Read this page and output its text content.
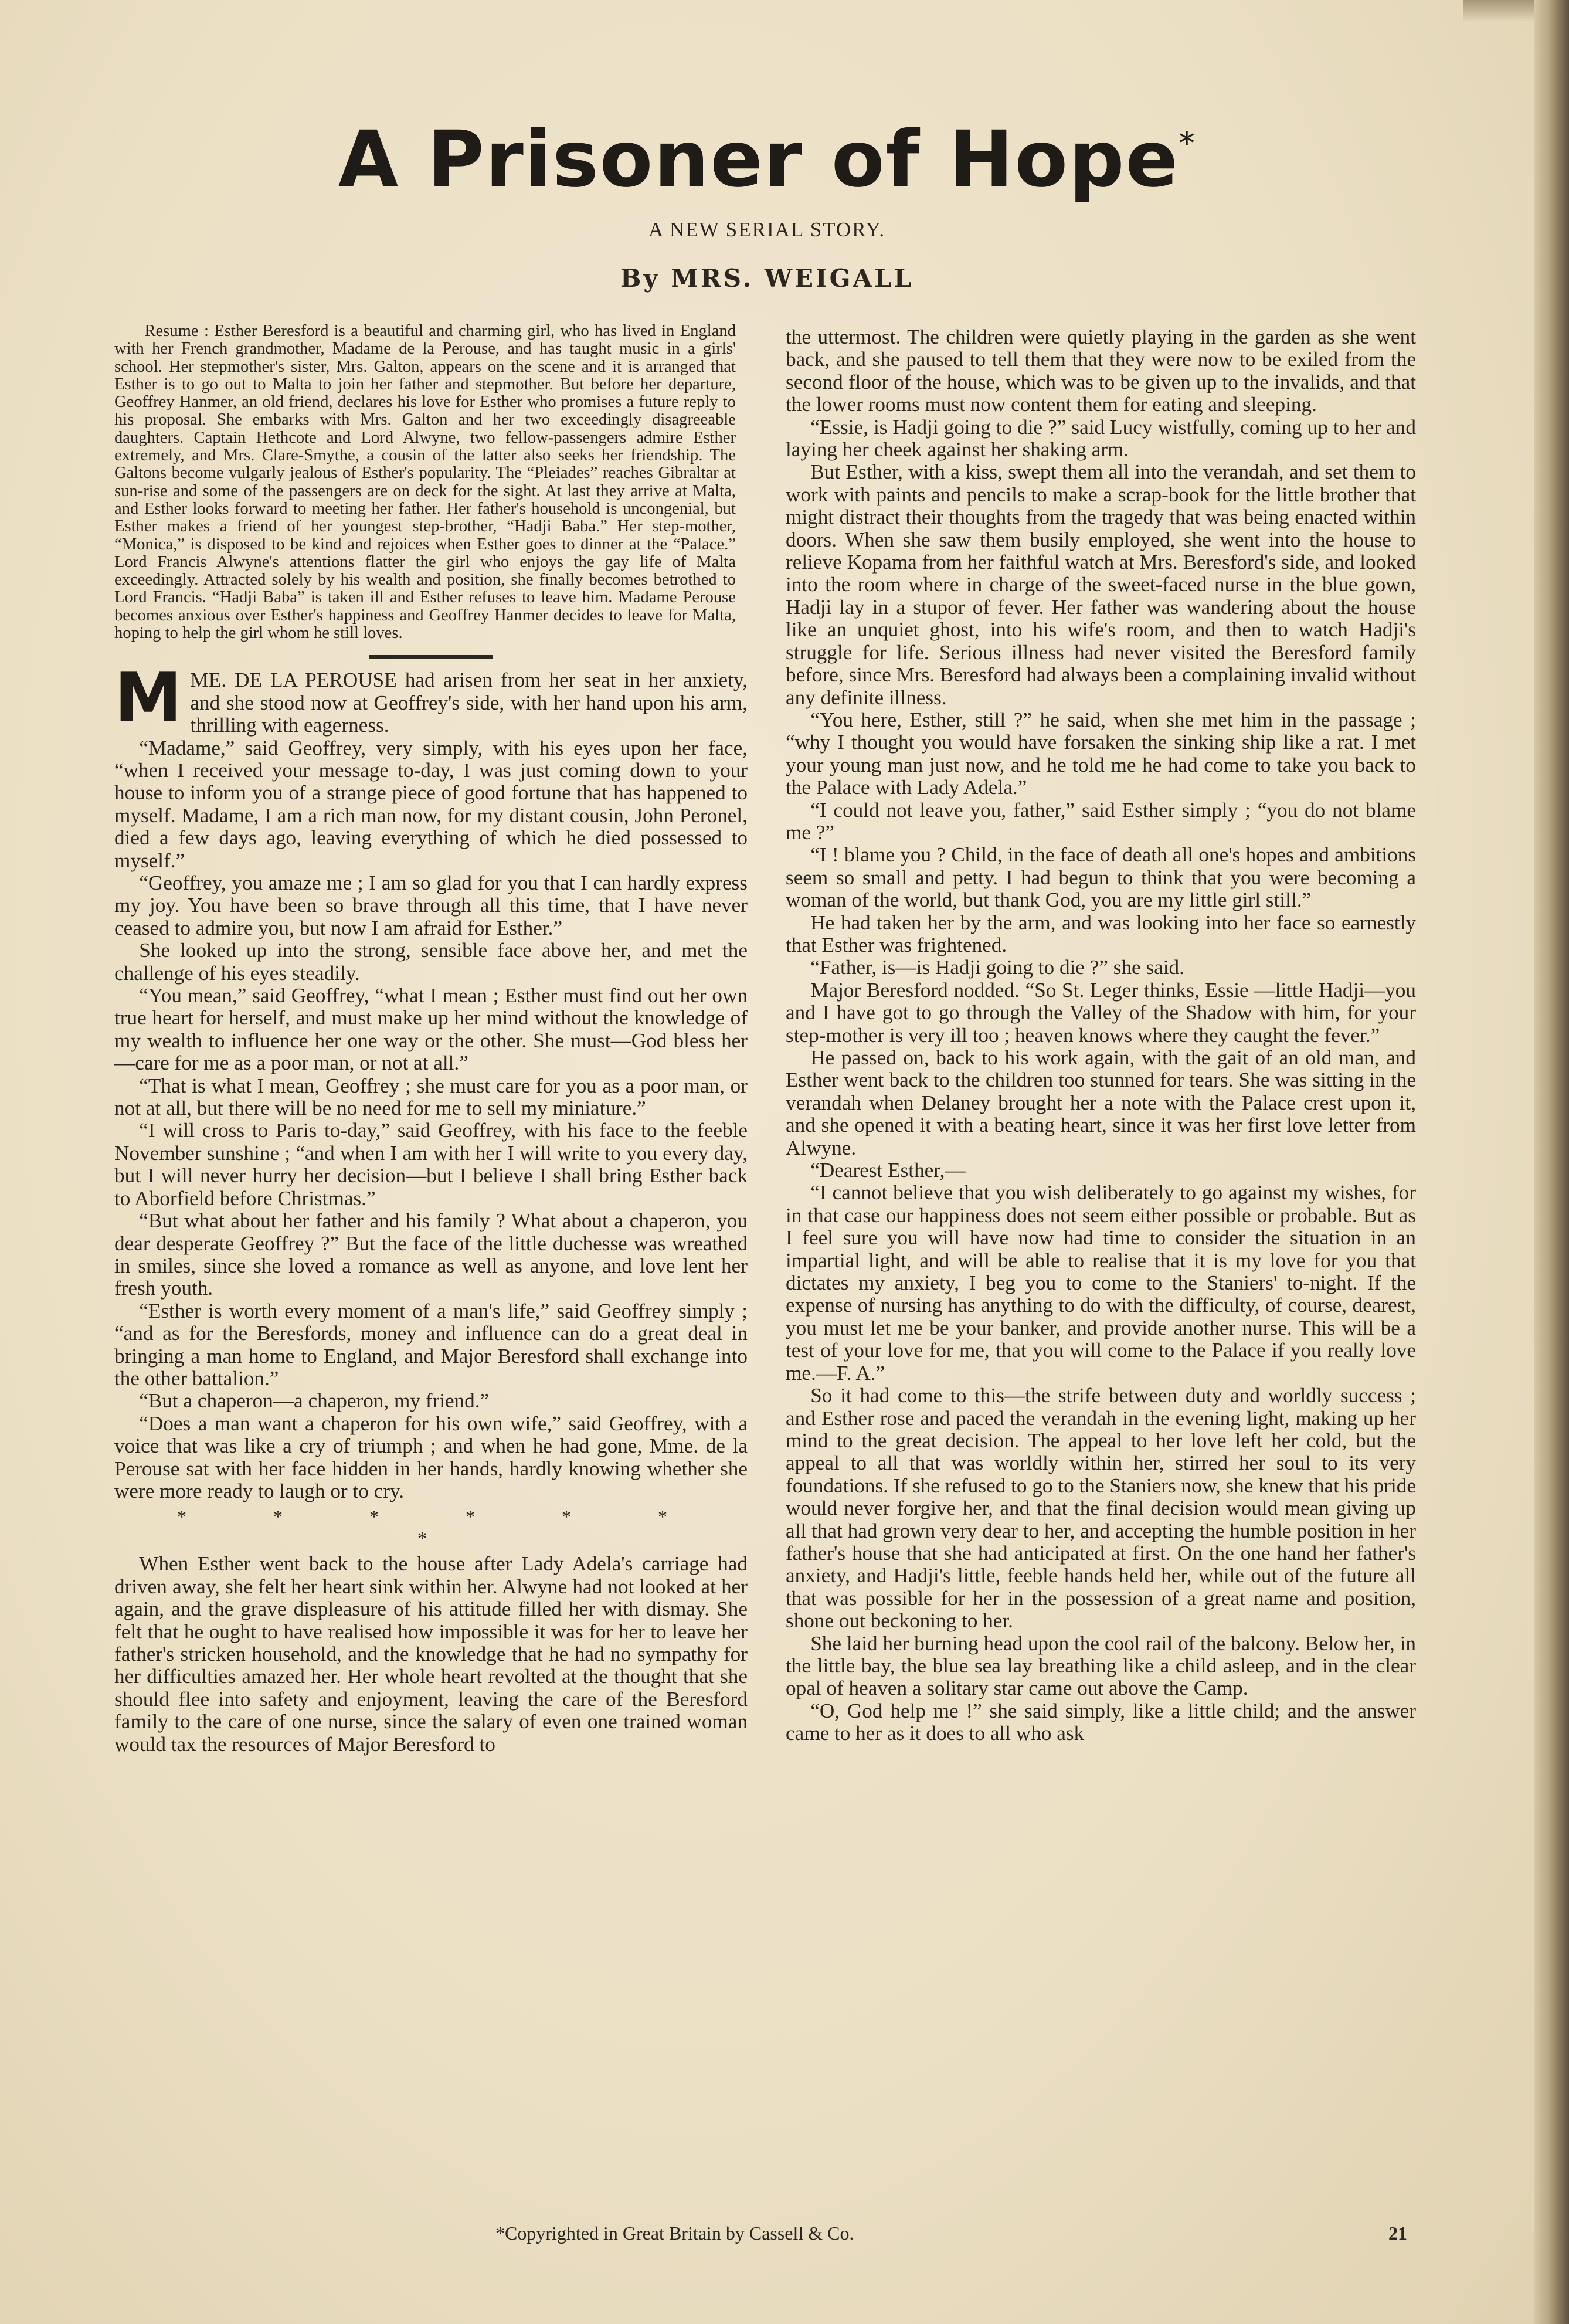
A Prisoner of Hope*
A NEW SERIAL STORY.
By MRS. WEIGALL

Resume : Esther Beresford is a beautiful and charming girl, who has lived in England with her French grandmother, Madame de la Perouse, and has taught music in a girls' school. Her stepmother's sister, Mrs. Galton, appears on the scene and it is arranged that Esther is to go out to Malta to join her father and stepmother. But before her departure, Geoffrey Hanmer, an old friend, declares his love for Esther who promises a future reply to his proposal. She embarks with Mrs. Galton and her two exceedingly disagreeable daughters. Captain Hethcote and Lord Alwyne, two fellow-passengers admire Esther extremely, and Mrs. Clare-Smythe, a cousin of the latter also seeks her friendship. The Galtons become vulgarly jealous of Esther's popularity. The “Pleiades” reaches Gibraltar at sun-rise and some of the passengers are on deck for the sight. At last they arrive at Malta, and Esther looks forward to meeting her father. Her father's household is uncongenial, but Esther makes a friend of her youngest step-brother, “Hadji Baba.” Her step-mother, “Monica,” is disposed to be kind and rejoices when Esther goes to dinner at the “Palace.” Lord Francis Alwyne's attentions flatter the girl who enjoys the gay life of Malta exceedingly. Attracted solely by his wealth and position, she finally becomes betrothed to Lord Francis. “Hadji Baba” is taken ill and Esther refuses to leave him. Madame Perouse becomes anxious over Esther's happiness and Geoffrey Hanmer decides to leave for Malta, hoping to help the girl whom he still loves.

MME. DE LA PEROUSE had arisen from her seat in her anxiety, and she stood now at Geoffrey's side, with her hand upon his arm, thrilling with eagerness.

“Madame,” said Geoffrey, very simply, with his eyes upon her face, “when I received your message to-day, I was just coming down to your house to inform you of a strange piece of good fortune that has happened to myself. Madame, I am a rich man now, for my distant cousin, John Peronel, died a few days ago, leaving everything of which he died possessed to myself.”

“Geoffrey, you amaze me ; I am so glad for you that I can hardly express my joy. You have been so brave through all this time, that I have never ceased to admire you, but now I am afraid for Esther.”

She looked up into the strong, sensible face above her, and met the challenge of his eyes steadily.

“You mean,” said Geoffrey, “what I mean ; Esther must find out her own true heart for herself, and must make up her mind without the knowledge of my wealth to influence her one way or the other. She must—God bless her—care for me as a poor man, or not at all.”

“That is what I mean, Geoffrey ; she must care for you as a poor man, or not at all, but there will be no need for me to sell my miniature.”

“I will cross to Paris to-day,” said Geoffrey, with his face to the feeble November sunshine ; “and when I am with her I will write to you every day, but I will never hurry her decision—but I believe I shall bring Esther back to Aborfield before Christmas.”

“But what about her father and his family ? What about a chaperon, you dear desperate Geoffrey ?” But the face of the little duchesse was wreathed in smiles, since she loved a romance as well as anyone, and love lent her fresh youth.

“Esther is worth every moment of a man's life,” said Geoffrey simply ; “and as for the Beresfords, money and influence can do a great deal in bringing a man home to England, and Major Beresford shall exchange into the other battalion.”

“But a chaperon—a chaperon, my friend.”

“Does a man want a chaperon for his own wife,” said Geoffrey, with a voice that was like a cry of triumph ; and when he had gone, Mme. de la Perouse sat with her face hidden in her hands, hardly knowing whether she were more ready to laugh or to cry.

* * * * * * *

When Esther went back to the house after Lady Adela's carriage had driven away, she felt her heart sink within her. Alwyne had not looked at her again, and the grave displeasure of his attitude filled her with dismay. She felt that he ought to have realised how impossible it was for her to leave her father's stricken household, and the knowledge that he had no sympathy for her difficulties amazed her. Her whole heart revolted at the thought that she should flee into safety and enjoyment, leaving the care of the Beresford family to the care of one nurse, since the salary of even one trained woman would tax the resources of Major Beresford to

the uttermost. The children were quietly playing in the garden as she went back, and she paused to tell them that they were now to be exiled from the second floor of the house, which was to be given up to the invalids, and that the lower rooms must now content them for eating and sleeping.

“Essie, is Hadji going to die ?” said Lucy wistfully, coming up to her and laying her cheek against her shaking arm.

But Esther, with a kiss, swept them all into the verandah, and set them to work with paints and pencils to make a scrap-book for the little brother that might distract their thoughts from the tragedy that was being enacted within doors. When she saw them busily employed, she went into the house to relieve Kopama from her faithful watch at Mrs. Beresford's side, and looked into the room where in charge of the sweet-faced nurse in the blue gown, Hadji lay in a stupor of fever. Her father was wandering about the house like an unquiet ghost, into his wife's room, and then to watch Hadji's struggle for life. Serious illness had never visited the Beresford family before, since Mrs. Beresford had always been a complaining invalid without any definite illness.

“You here, Esther, still ?” he said, when she met him in the passage ; “why I thought you would have forsaken the sinking ship like a rat. I met your young man just now, and he told me he had come to take you back to the Palace with Lady Adela.”

“I could not leave you, father,” said Esther simply ; “you do not blame me ?”

“I ! blame you ? Child, in the face of death all one's hopes and ambitions seem so small and petty. I had begun to think that you were becoming a woman of the world, but thank God, you are my little girl still.”

He had taken her by the arm, and was looking into her face so earnestly that Esther was frightened.

“Father, is—is Hadji going to die ?” she said.

Major Beresford nodded. “So St. Leger thinks, Essie —little Hadji—you and I have got to go through the Valley of the Shadow with him, for your step-mother is very ill too ; heaven knows where they caught the fever.”

He passed on, back to his work again, with the gait of an old man, and Esther went back to the children too stunned for tears. She was sitting in the verandah when Delaney brought her a note with the Palace crest upon it, and she opened it with a beating heart, since it was her first love letter from Alwyne.

“Dearest Esther,—

“I cannot believe that you wish deliberately to go against my wishes, for in that case our happiness does not seem either possible or probable. But as I feel sure you will have now had time to consider the situation in an impartial light, and will be able to realise that it is my love for you that dictates my anxiety, I beg you to come to the Staniers' to-night. If the expense of nursing has anything to do with the difficulty, of course, dearest, you must let me be your banker, and provide another nurse. This will be a test of your love for me, that you will come to the Palace if you really love me.—F. A.”

So it had come to this—the strife between duty and worldly success ; and Esther rose and paced the verandah in the evening light, making up her mind to the great decision. The appeal to her love left her cold, but the appeal to all that was worldly within her, stirred her soul to its very foundations. If she refused to go to the Staniers now, she knew that his pride would never forgive her, and that the final decision would mean giving up all that had grown very dear to her, and accepting the humble position in her father's house that she had anticipated at first. On the one hand her father's anxiety, and Hadji's little, feeble hands held her, while out of the future all that was possible for her in the possession of a great name and position, shone out beckoning to her.

She laid her burning head upon the cool rail of the balcony. Below her, in the little bay, the blue sea lay breathing like a child asleep, and in the clear opal of heaven a solitary star came out above the Camp.

“O, God help me !” she said simply, like a little child; and the answer came to her as it does to all who ask

*Copyrighted in Great Britain by Cassell & Co.	21
